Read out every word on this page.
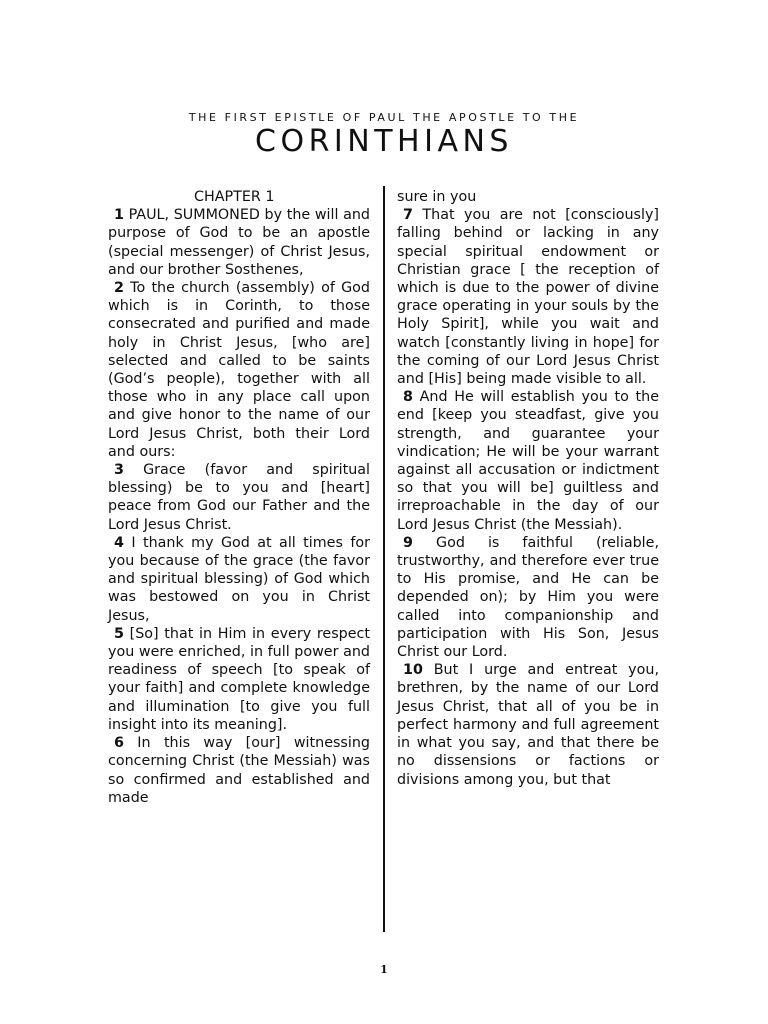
THE FIRST EPISTLE OF PAUL THE APOSTLE TO THE
CORINTHIANS
CHAPTER 1

1 PAUL, SUMMONED by the will and purpose of God to be an apostle (special messenger) of Christ Jesus, and our brother Sosthenes,

2 To the church (assembly) of God which is in Corinth, to those consecrated and purified and made holy in Christ Jesus, [who are] selected and called to be saints (God’s people), together with all those who in any place call upon and give honor to the name of our Lord Jesus Christ, both their Lord and ours:

3 Grace (favor and spiritual blessing) be to you and [heart] peace from God our Father and the Lord Jesus Christ.

4 I thank my God at all times for you because of the grace (the favor and spiritual blessing) of God which was bestowed on you in Christ Jesus,

5 [So] that in Him in every respect you were enriched, in full power and readiness of speech [to speak of your faith] and complete knowledge and illumination [to give you full insight into its meaning].

6 In this way [our] witnessing concerning Christ (the Messiah) was so confirmed and established and made

sure in you

7 That you are not [consciously] falling behind or lacking in any special spiritual endowment or Christian grace [ the reception of which is due to the power of divine grace operating in your souls by the Holy Spirit], while you wait and watch [constantly living in hope] for the coming of our Lord Jesus Christ and [His] being made visible to all.

8 And He will establish you to the end [keep you steadfast, give you strength, and guarantee your vindication; He will be your warrant against all accusation or indictment so that you will be] guiltless and irreproachable in the day of our Lord Jesus Christ (the Messiah).

9 God is faithful (reliable, trustworthy, and therefore ever true to His promise, and He can be depended on); by Him you were called into companionship and participation with His Son, Jesus Christ our Lord.

10 But I urge and entreat you, brethren, by the name of our Lord Jesus Christ, that all of you be in perfect harmony and full agreement in what you say, and that there be no dissensions or factions or divisions among you, but that

1
